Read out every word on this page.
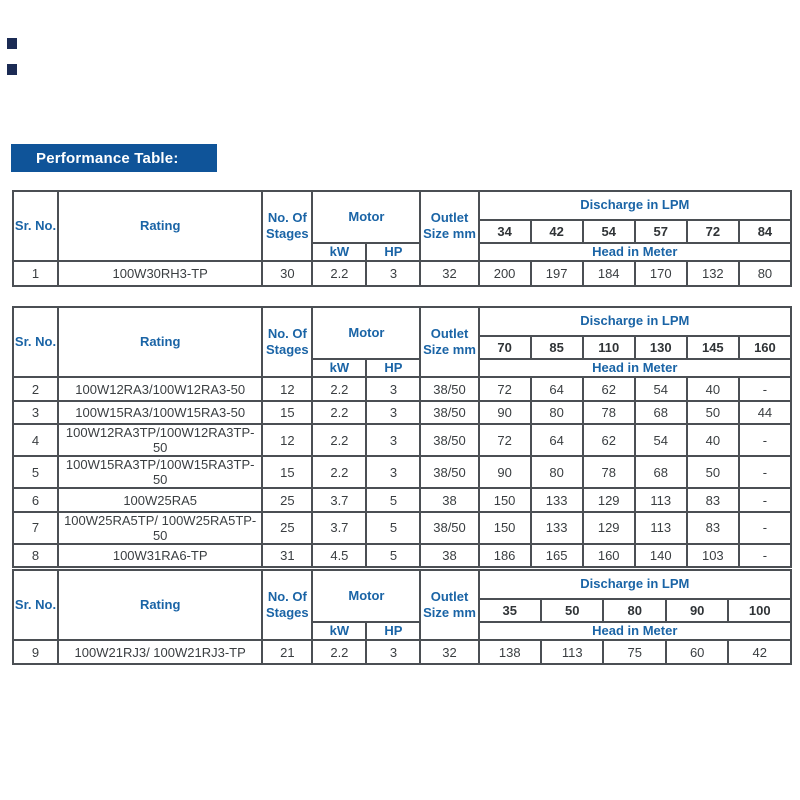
Performance Table:
Sr. No.	Rating	No. Of Stages	Motor		Outlet Size mm	Discharge in LPM					
						34	42	54	57	72	84
			kW	HP		Head in Meter					
1	100W30RH3-TP	30	2.2	3	32	200	197	184	170	132	80
Sr. No.	Rating	No. Of Stages	Motor		Outlet Size mm	Discharge in LPM					
						70	85	110	130	145	160
			kW	HP		Head in Meter					
2	100W12RA3/100W12RA3-50	12	2.2	3	38/50	72	64	62	54	40	-
3	100W15RA3/100W15RA3-50	15	2.2	3	38/50	90	80	78	68	50	44
4	100W12RA3TP/100W12RA3TP-50	12	2.2	3	38/50	72	64	62	54	40	-
5	100W15RA3TP/100W15RA3TP-50	15	2.2	3	38/50	90	80	78	68	50	-
6	100W25RA5	25	3.7	5	38	150	133	129	113	83	-
7	100W25RA5TP/ 100W25RA5TP-50	25	3.7	5	38/50	150	133	129	113	83	-
8	100W31RA6-TP	31	4.5	5	38	186	165	160	140	103	-
Sr. No.	Rating	No. Of Stages	Motor		Outlet Size mm	Discharge in LPM				
						35	50	80	90	100
			kW	HP		Head in Meter				
9	100W21RJ3/ 100W21RJ3-TP	21	2.2	3	32	138	113	75	60	42
